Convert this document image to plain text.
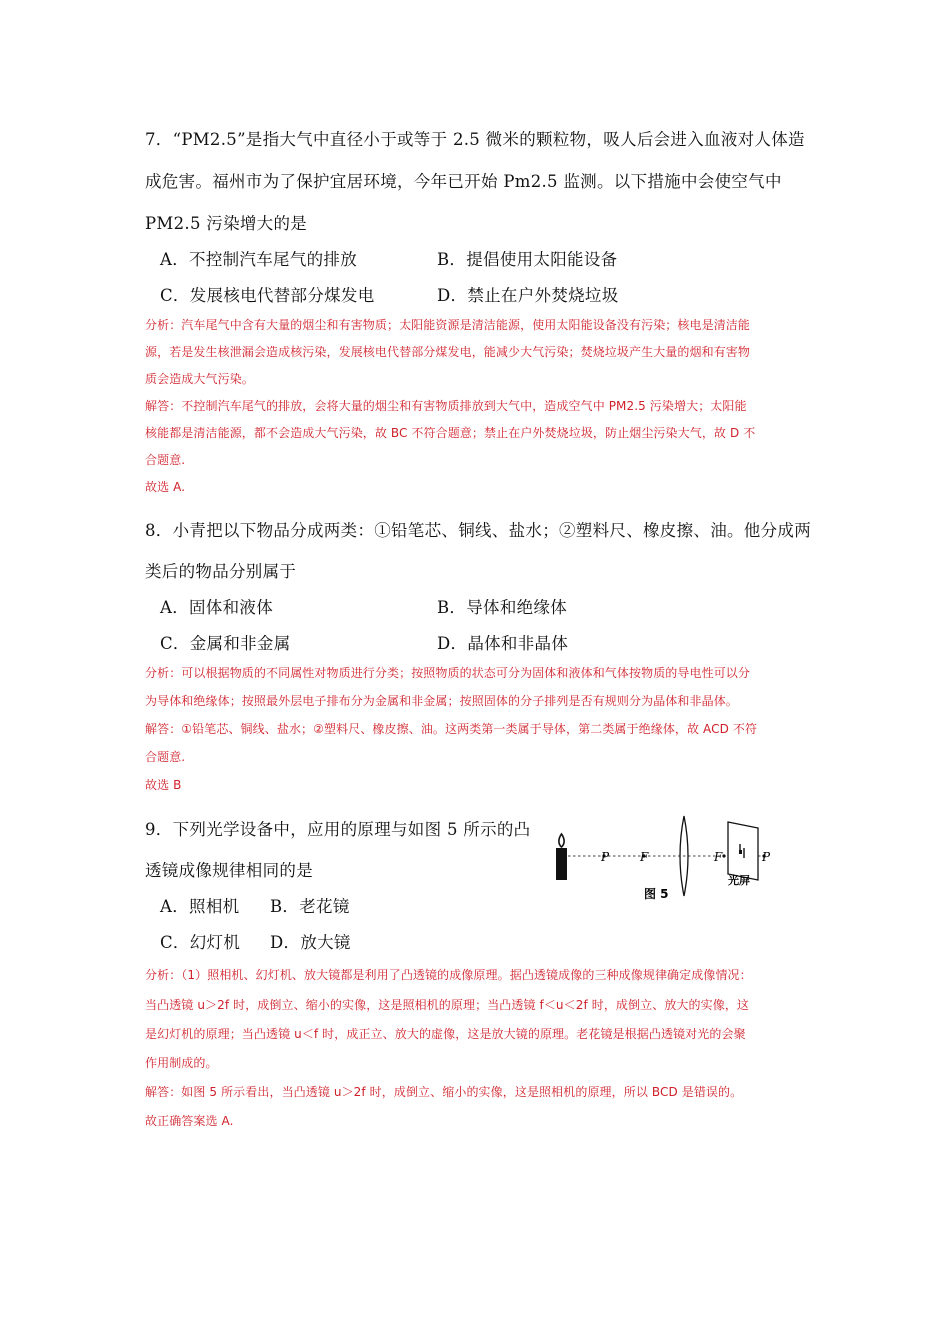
7．“PM2.5”是指大气中直径小于或等于 2.5 微米的颗粒物，吸人后会进入血液对人体造
成危害。福州市为了保护宜居环境，今年已开始 Pm2.5 监测。以下措施中会使空气中
PM2.5 污染增大的是
A．不控制汽车尾气的排放	B．提倡使用太阳能设备
C．发展核电代替部分煤发电	D．禁止在户外焚烧垃圾
分析：汽车尾气中含有大量的烟尘和有害物质；太阳能资源是清洁能源，使用太阳能设备没有污染；核电是清洁能
源，若是发生核泄漏会造成核污染，发展核电代替部分煤发电，能减少大气污染；焚烧垃圾产生大量的烟和有害物
质会造成大气污染。
解答：不控制汽车尾气的排放，会将大量的烟尘和有害物质排放到大气中，造成空气中 PM2.5 污染增大；太阳能
核能都是清洁能源，都不会造成大气污染，故 BC 不符合题意；禁止在户外焚烧垃圾，防止烟尘污染大气，故 D 不
合题意.
故选 A.
8．小青把以下物品分成两类：①铅笔芯、铜线、盐水；②塑料尺、橡皮擦、油。他分成两
类后的物品分别属于
A．固体和液体	B．导体和绝缘体
C．金属和非金属	D．晶体和非晶体
分析：可以根据物质的不同属性对物质进行分类；按照物质的状态可分为固体和液体和气体按物质的导电性可以分
为导体和绝缘体；按照最外层电子排布分为金属和非金属；按照固体的分子排列是否有规则分为晶体和非晶体。
解答：①铅笔芯、铜线、盐水；②塑料尺、橡皮擦、油。这两类第一类属于导体，第二类属于绝缘体，故 ACD 不符
合题意.
故选 B
9．下列光学设备中，应用的原理与如图 5 所示的凸
透镜成像规律相同的是
A．照相机 B．老花镜
C．幻灯机 D．放大镜
P	F	F	P
光屏
图 5
分析：（1）照相机、幻灯机、放大镜都是利用了凸透镜的成像原理。据凸透镜成像的三种成像规律确定成像情况：
当凸透镜 u＞2f 时，成倒立、缩小的实像，这是照相机的原理；当凸透镜 f＜u＜2f 时，成倒立、放大的实像，这
是幻灯机的原理；当凸透镜 u＜f 时，成正立、放大的虚像，这是放大镜的原理。老花镜是根据凸透镜对光的会聚
作用制成的。
解答：如图 5 所示看出，当凸透镜 u＞2f 时，成倒立、缩小的实像，这是照相机的原理，所以 BCD 是错误的。
故正确答案选 A.
